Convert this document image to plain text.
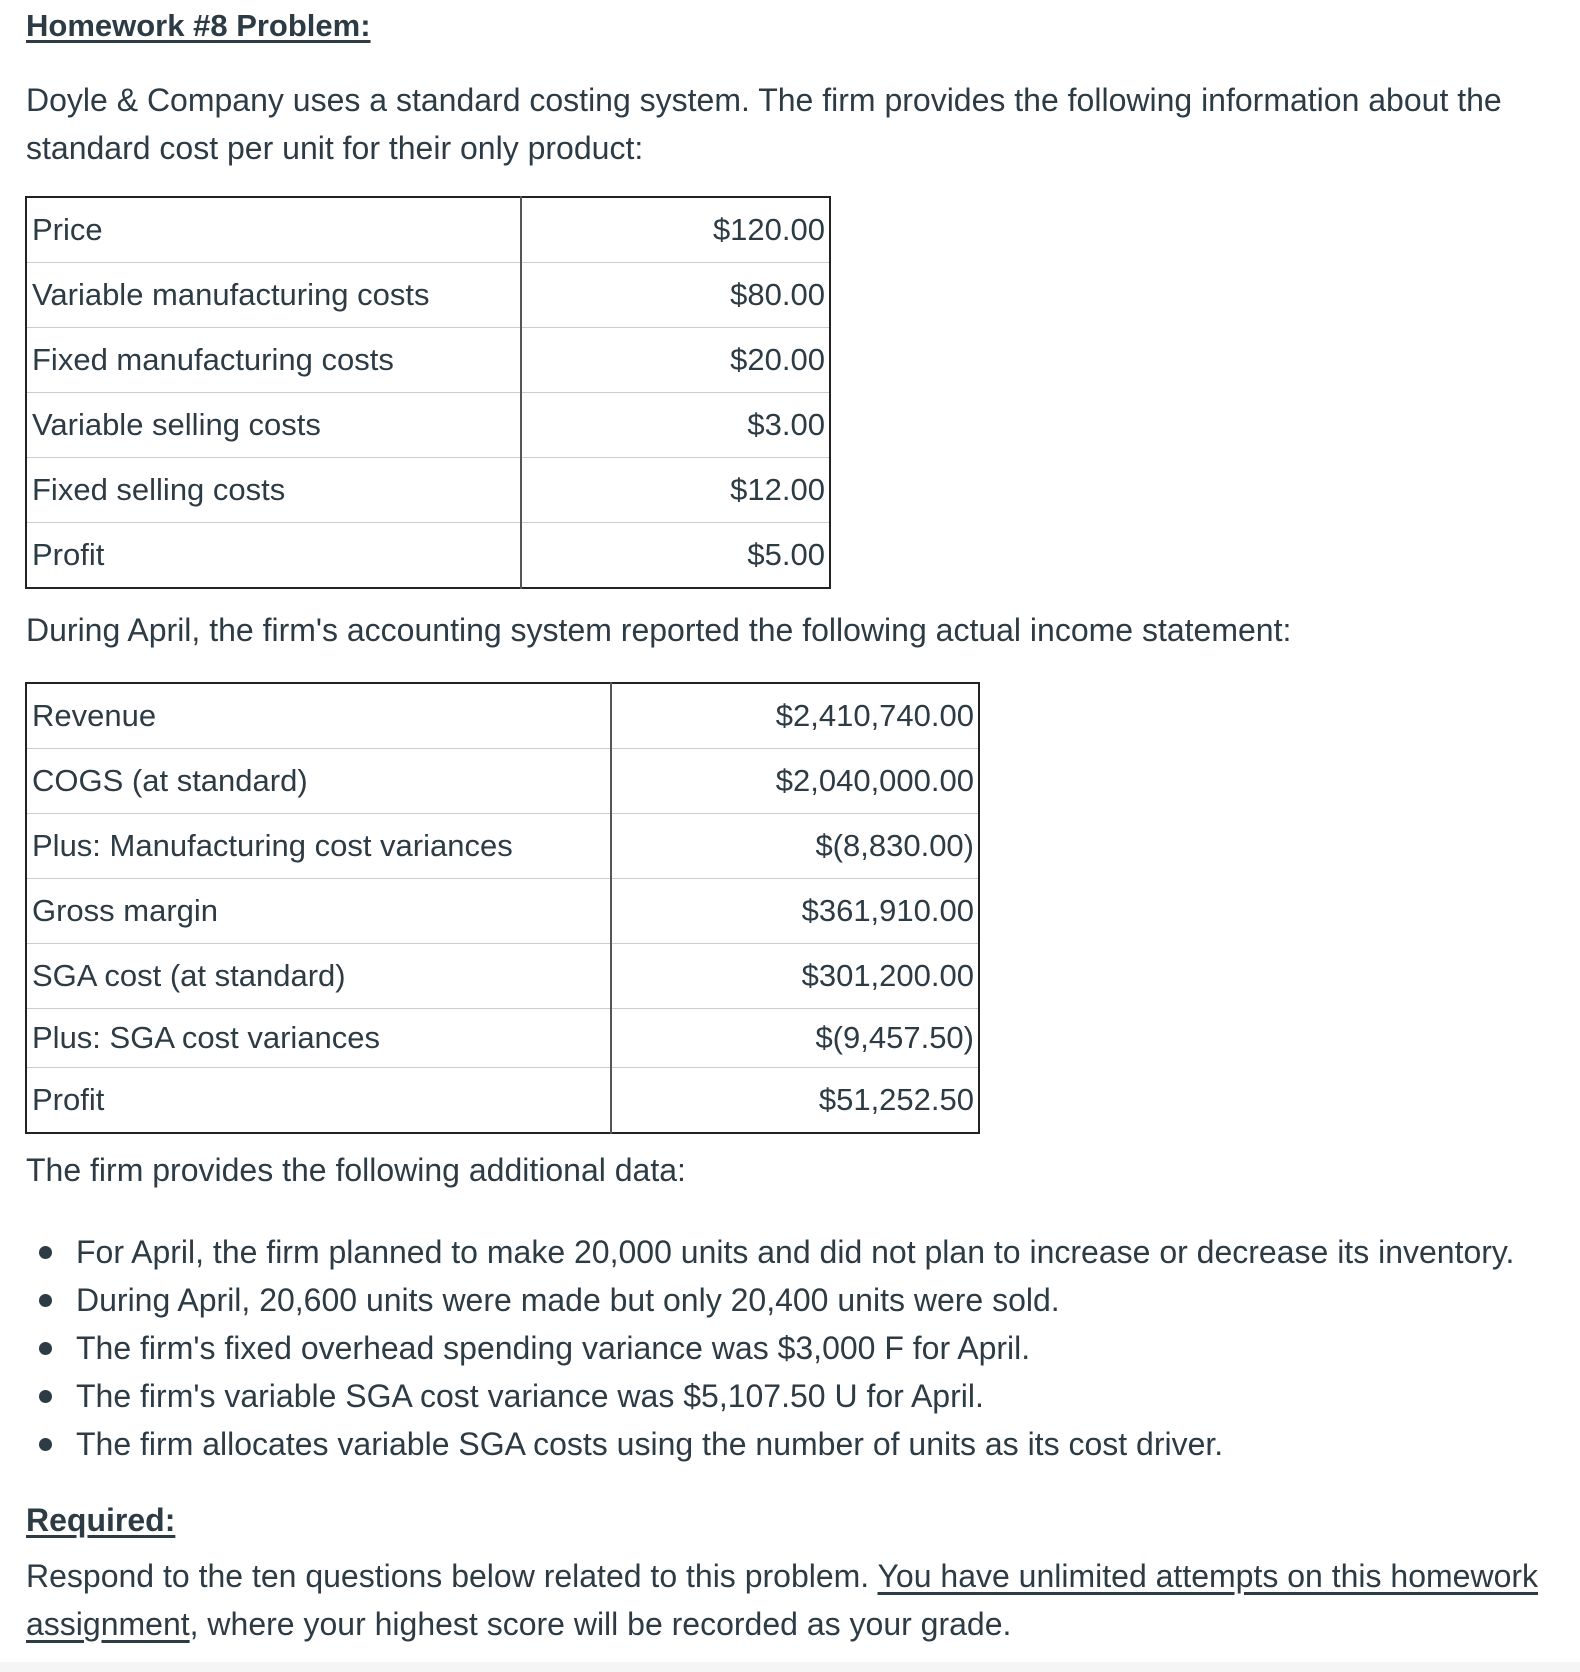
Homework #8 Problem:

Doyle & Company uses a standard costing system. The firm provides the following information about the standard cost per unit for their only product:

Price	$120.00
Variable manufacturing costs	$80.00
Fixed manufacturing costs	$20.00
Variable selling costs	$3.00
Fixed selling costs	$12.00
Profit	$5.00

During April, the firm's accounting system reported the following actual income statement:

Revenue	$2,410,740.00
COGS (at standard)	$2,040,000.00
Plus: Manufacturing cost variances	$(8,830.00)
Gross margin	$361,910.00
SGA cost (at standard)	$301,200.00
Plus: SGA cost variances	$(9,457.50)
Profit	$51,252.50

The firm provides the following additional data:

For April, the firm planned to make 20,000 units and did not plan to increase or decrease its inventory.
During April, 20,600 units were made but only 20,400 units were sold.
The firm's fixed overhead spending variance was $3,000 F for April.
The firm's variable SGA cost variance was $5,107.50 U for April.
The firm allocates variable SGA costs using the number of units as its cost driver.

Required:

Respond to the ten questions below related to this problem. You have unlimited attempts on this homework assignment, where your highest score will be recorded as your grade.
